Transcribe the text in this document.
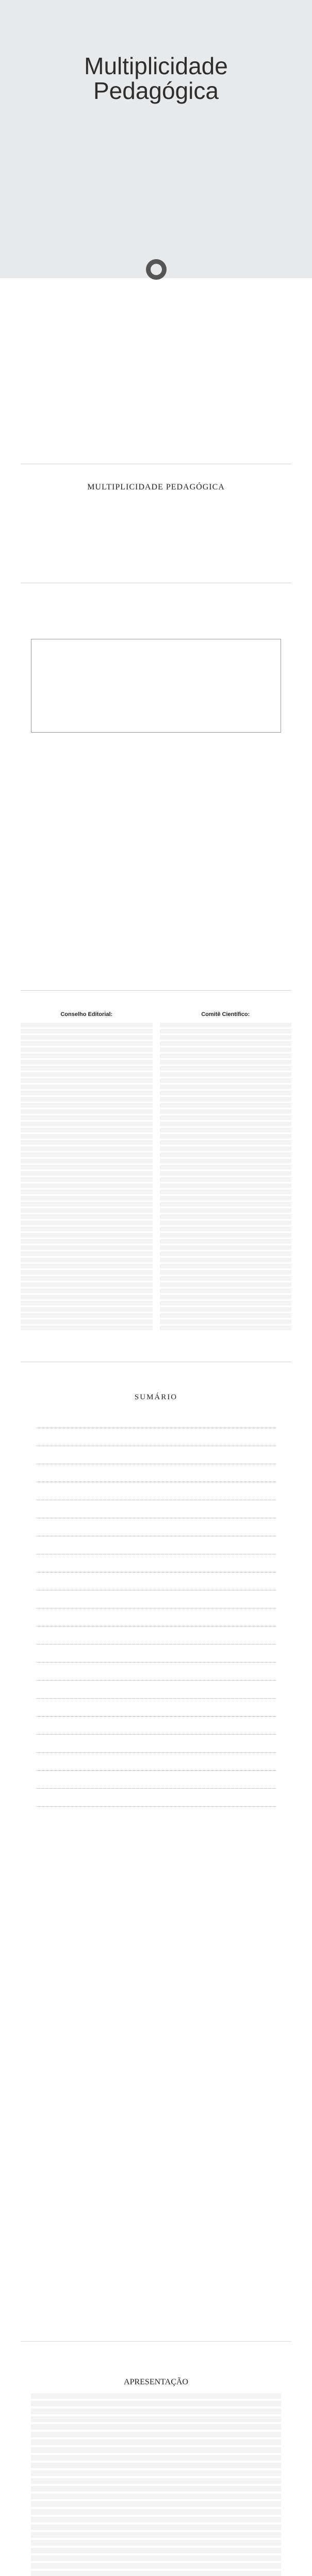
Multiplicidade
Pedagógica
MULTIPLICIDADE PEDAGÓGICA
Conselho Editorial:	Comitê Científico:
SUMÁRIO
APRESENTAÇÃO
